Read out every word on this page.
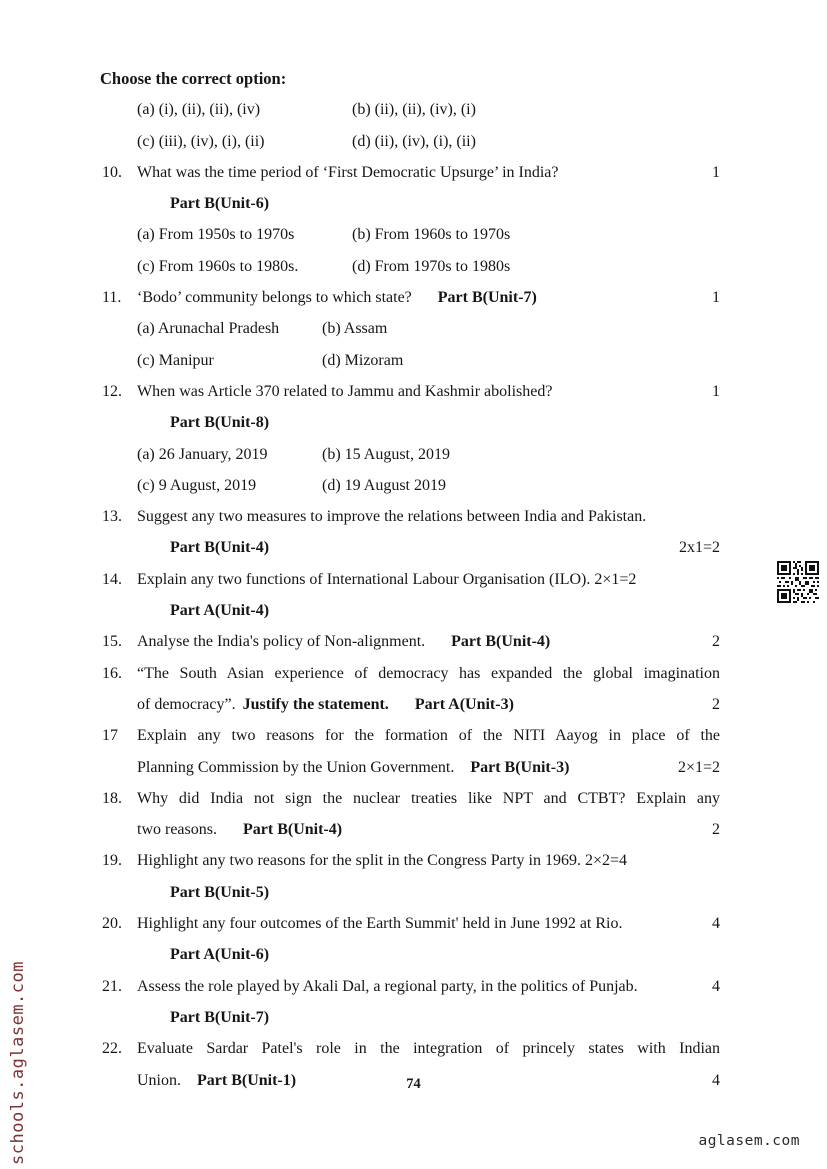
Choose the correct option:
(a) (i), (ii), (ii), (iv)	(b) (ii), (ii), (iv), (i)
(c) (iii), (iv), (i), (ii)	(d) (ii), (iv), (i), (ii)
10. What was the time period of ‘First Democratic Upsurge’ in India?	1
Part B(Unit-6)
(a) From 1950s to 1970s	(b) From 1960s to 1970s
(c) From 1960s to 1980s.	(d) From 1970s to 1980s
11. ‘Bodo’ community belongs to which state? Part B(Unit-7)	1
(a) Arunachal Pradesh	(b) Assam
(c) Manipur	(d) Mizoram
12. When was Article 370 related to Jammu and Kashmir abolished?	1
Part B(Unit-8)
(a) 26 January, 2019	(b) 15 August, 2019
(c) 9 August, 2019	(d) 19 August 2019
13. Suggest any two measures to improve the relations between India and Pakistan.
Part B(Unit-4)	2x1=2
14. Explain any two functions of International Labour Organisation (ILO). 2×1=2
Part A(Unit-4)
15. Analyse the India's policy of Non-alignment. Part B(Unit-4)	2
16. “The South Asian experience of democracy has expanded the global imagination
of democracy”. Justify the statement. Part A(Unit-3)	2
17	Explain any two reasons for the formation of the NITI Aayog in place of the
Planning Commission by the Union Government. Part B(Unit-3)	2×1=2
18. Why did India not sign the nuclear treaties like NPT and CTBT? Explain any
two reasons. Part B(Unit-4)	2
19. Highlight any two reasons for the split in the Congress Party in 1969. 2×2=4
Part B(Unit-5)
20. Highlight any four outcomes of the Earth Summit' held in June 1992 at Rio.	4
Part A(Unit-6)
21. Assess the role played by Akali Dal, a regional party, in the politics of Punjab.	4
Part B(Unit-7)
22. Evaluate Sardar Patel's role in the integration of princely states with Indian
Union. Part B(Unit-1)	4
74
schools.aglasem.com	aglasem.com
